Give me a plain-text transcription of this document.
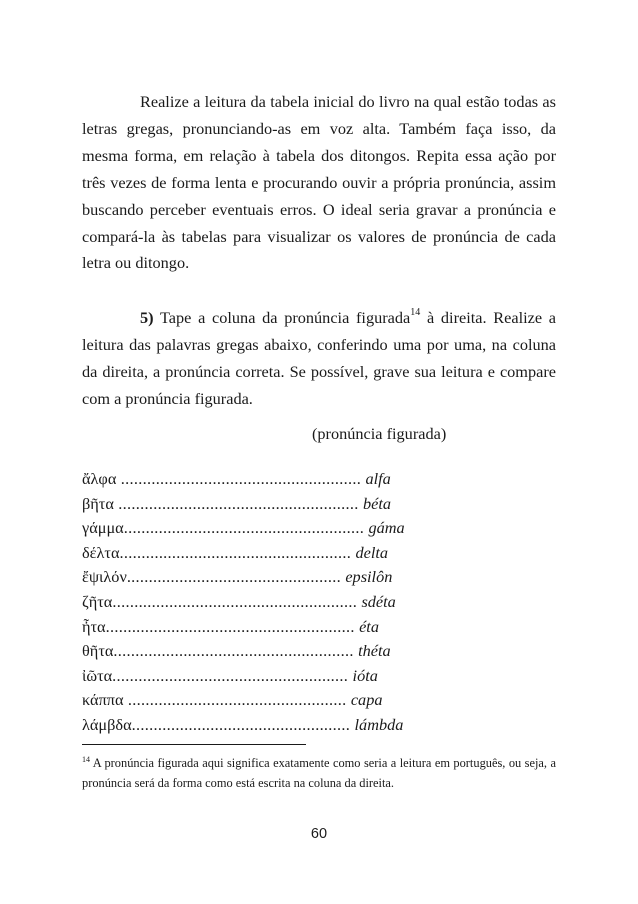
Realize a leitura da tabela inicial do livro na qual estão todas as letras gregas, pronunciando-as em voz alta. Também faça isso, da mesma forma, em relação à tabela dos ditongos. Repita essa ação por três vezes de forma lenta e procurando ouvir a própria pronúncia, assim buscando perceber eventuais erros. O ideal seria gravar a pronúncia e compará-la às tabelas para visualizar os valores de pronúncia de cada letra ou ditongo.

5) Tape a coluna da pronúncia figurada$^{14}$ à direita. Realize a leitura das palavras gregas abaixo, conferindo uma por uma, na coluna da direita, a pronúncia correta. Se possível, grave sua leitura e compare com a pronúncia figurada.

(pronúncia figurada)
ἄλφα ....................................................... alfa
βῆτα ....................................................... béta
γάμμα....................................................... gáma
δέλτα..................................................... delta
ἔψιλόν................................................. epsilôn
ζῆτα........................................................ sdéta
ἦτα......................................................... éta
θῆτα....................................................... théta
ἰῶτα...................................................... ióta
κάππα .................................................. capa
λάμβδα.................................................. lámbda
$^{14}$ A pronúncia figurada aqui significa exatamente como seria a leitura em português, ou seja, a pronúncia será da forma como está escrita na coluna da direita.
60
